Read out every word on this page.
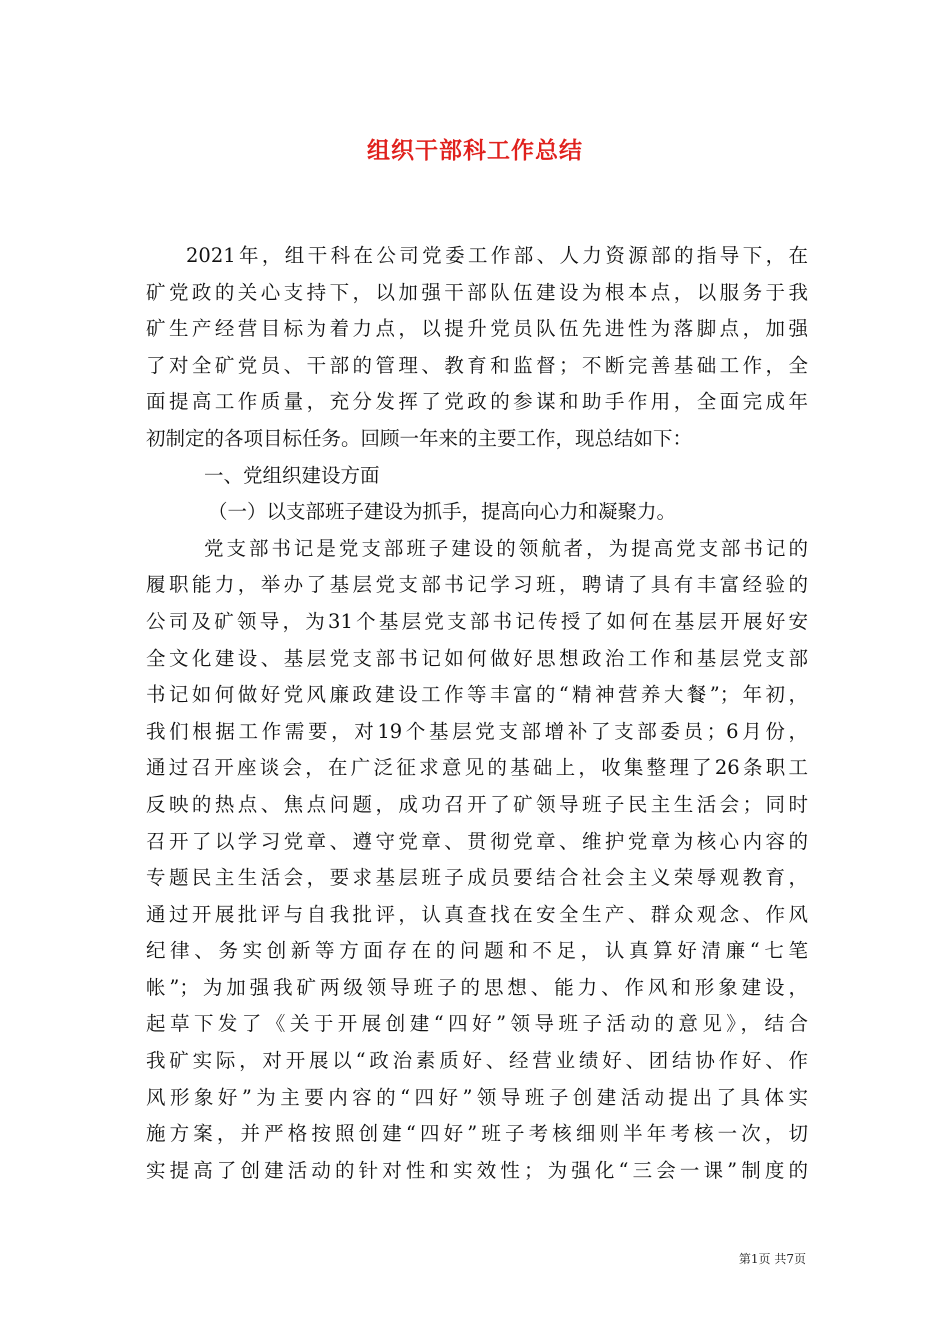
组织干部科工作总结
2021年，组干科在公司党委工作部、人力资源部的指导下，在
矿党政的关心支持下，以加强干部队伍建设为根本点，以服务于我
矿生产经营目标为着力点，以提升党员队伍先进性为落脚点，加强
了对全矿党员、干部的管理、教育和监督；不断完善基础工作，全
面提高工作质量，充分发挥了党政的参谋和助手作用，全面完成年
初制定的各项目标任务。回顾一年来的主要工作，现总结如下：
一、党组织建设方面
（一）以支部班子建设为抓手，提高向心力和凝聚力。
党支部书记是党支部班子建设的领航者，为提高党支部书记的
履职能力，举办了基层党支部书记学习班，聘请了具有丰富经验的
公司及矿领导，为31个基层党支部书记传授了如何在基层开展好安
全文化建设、基层党支部书记如何做好思想政治工作和基层党支部
书记如何做好党风廉政建设工作等丰富的“精神营养大餐”；年初，
我们根据工作需要，对19个基层党支部增补了支部委员；6月份，
通过召开座谈会，在广泛征求意见的基础上，收集整理了26条职工
反映的热点、焦点问题，成功召开了矿领导班子民主生活会；同时
召开了以学习党章、遵守党章、贯彻党章、维护党章为核心内容的
专题民主生活会，要求基层班子成员要结合社会主义荣辱观教育，
通过开展批评与自我批评，认真查找在安全生产、群众观念、作风
纪律、务实创新等方面存在的问题和不足，认真算好清廉“七笔
帐”；为加强我矿两级领导班子的思想、能力、作风和形象建设，
起草下发了《关于开展创建“四好”领导班子活动的意见》，结合
我矿实际，对开展以“政治素质好、经营业绩好、团结协作好、作
风形象好”为主要内容的“四好”领导班子创建活动提出了具体实
施方案，并严格按照创建“四好”班子考核细则半年考核一次，切
实提高了创建活动的针对性和实效性；为强化“三会一课”制度的
第1页 共7页
